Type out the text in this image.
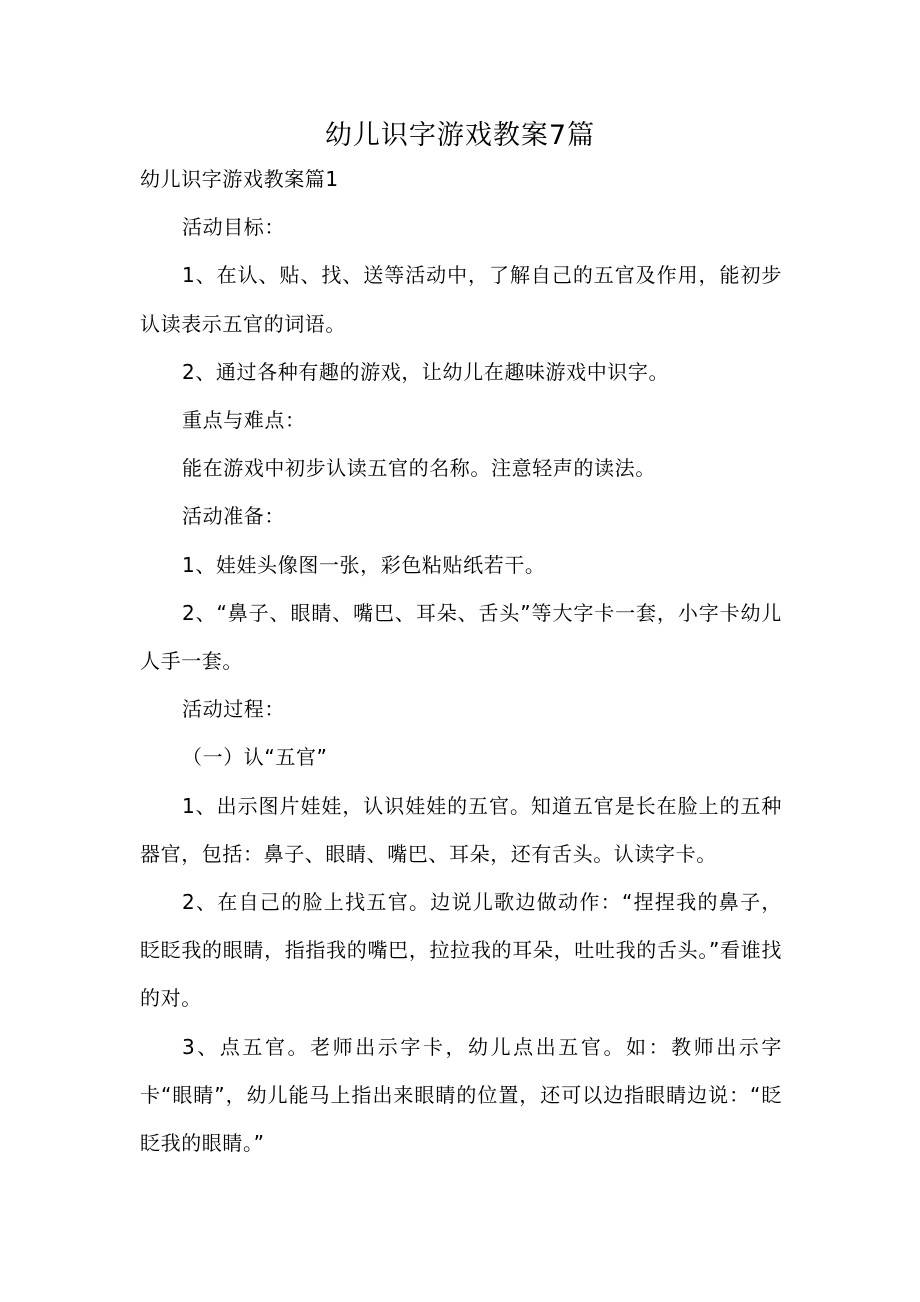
幼儿识字游戏教案7篇

幼儿识字游戏教案篇1

活动目标：

1、在认、贴、找、送等活动中，了解自己的五官及作用，能初步认读表示五官的词语。

2、通过各种有趣的游戏，让幼儿在趣味游戏中识字。

重点与难点：

能在游戏中初步认读五官的名称。注意轻声的读法。

活动准备：

1、娃娃头像图一张，彩色粘贴纸若干。

2、“鼻子、眼睛、嘴巴、耳朵、舌头”等大字卡一套，小字卡幼儿人手一套。

活动过程：

（一）认“五官”

1、出示图片娃娃，认识娃娃的五官。知道五官是长在脸上的五种器官，包括：鼻子、眼睛、嘴巴、耳朵，还有舌头。认读字卡。

2、在自己的脸上找五官。边说儿歌边做动作：“捏捏我的鼻子，眨眨我的眼睛，指指我的嘴巴，拉拉我的耳朵，吐吐我的舌头。”看谁找的对。

3、点五官。老师出示字卡，幼儿点出五官。如：教师出示字卡“眼睛”，幼儿能马上指出来眼睛的位置，还可以边指眼睛边说：“眨眨我的眼睛。”
